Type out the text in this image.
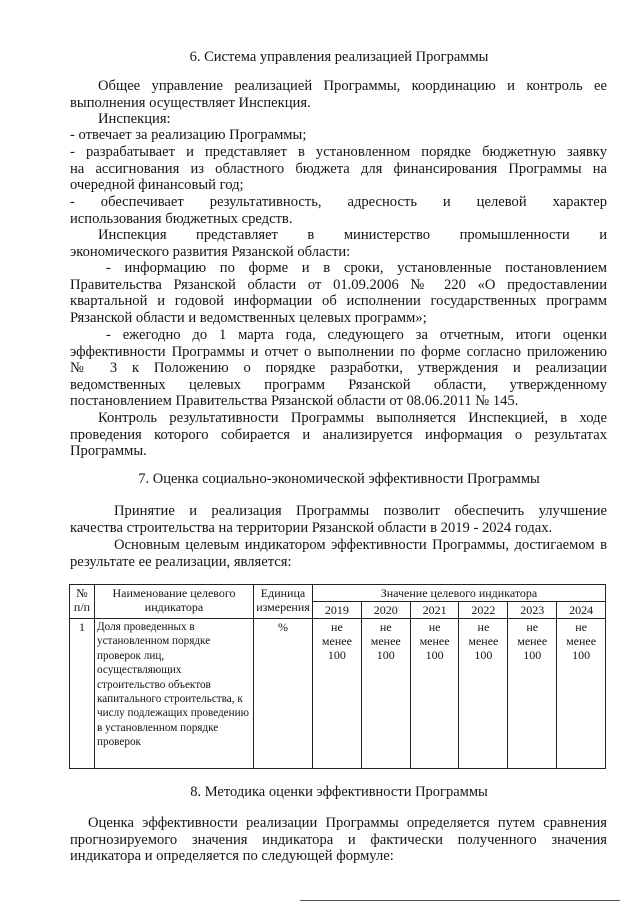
6. Система управления реализацией Программы
Общее управление реализацией Программы, координацию и контроль ее
выполнения осуществляет Инспекция.
Инспекция:
- отвечает за реализацию Программы;
- разрабатывает и представляет в установленном порядке бюджетную заявку
на ассигнования из областного бюджета для финансирования Программы на
очередной финансовый год;
- обеспечивает результативность, адресность и целевой характер
использования бюджетных средств.
Инспекция представляет в министерство промышленности и
экономического развития Рязанской области:
- информацию по форме и в сроки, установленные постановлением
Правительства Рязанской области от 01.09.2006 № 220 «О предоставлении
квартальной и годовой информации об исполнении государственных программ
Рязанской области и ведомственных целевых программ»;
- ежегодно до 1 марта года, следующего за отчетным, итоги оценки
эффективности Программы и отчет о выполнении по форме согласно приложению
№ 3 к Положению о порядке разработки, утверждения и реализации
ведомственных целевых программ Рязанской области, утвержденному
постановлением Правительства Рязанской области от 08.06.2011 № 145.
Контроль результативности Программы выполняется Инспекцией, в ходе
проведения которого собирается и анализируется информация о результатах
Программы.
7. Оценка социально-экономической эффективности Программы
Принятие и реализация Программы позволит обеспечить улучшение
качества строительства на территории Рязанской области в 2019 - 2024 годах.
Основным целевым индикатором эффективности Программы, достигаемом в
результате ее реализации, является:
№ п/п	Наименование целевого индикатора	Единица измерения	Значение целевого индикатора					
			2019	2020	2021	2022	2023	2024
1	Доля проведенных в установленном порядке проверок лиц, осуществляющих строительство объектов капитального строительства, к числу подлежащих проведению в установленном порядке проверок	%	не менее 100	не менее 100	не менее 100	не менее 100	не менее 100	не менее 100
8. Методика оценки эффективности Программы
Оценка эффективности реализации Программы определяется путем сравнения
прогнозируемого значения индикатора и фактически полученного значения
индикатора и определяется по следующей формуле:
